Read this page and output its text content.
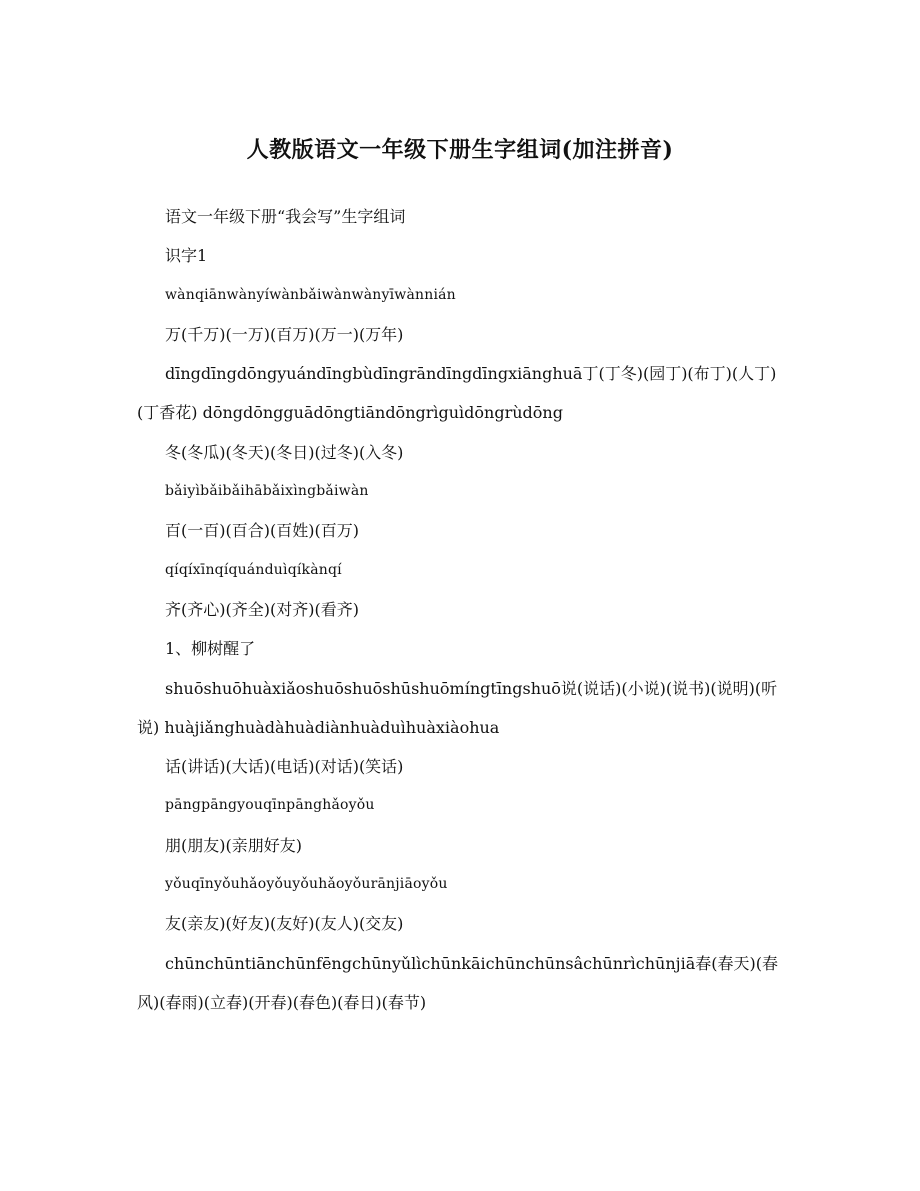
人教版语文一年级下册生字组词(加注拼音)

语文一年级下册“我会写”生字组词

识字1

wànqiānwànyíwànbǎiwànwànyīwànnián

万(千万)(一万)(百万)(万一)(万年)

dīngdīngdōngyuándīngbùdīngrāndīngdīngxiānghuā丁(丁冬)(园丁)(布丁)(人丁)(丁香花) dōngdōngguādōngtiāndōngrìguìdōngrùdōng

冬(冬瓜)(冬天)(冬日)(过冬)(入冬)

bǎiyìbǎibǎihābǎixìngbǎiwàn

百(一百)(百合)(百姓)(百万)

qíqíxīnqíquánduìqíkànqí

齐(齐心)(齐全)(对齐)(看齐)

1、柳树醒了

shuōshuōhuàxiǎoshuōshuōshūshuōmíngtīngshuō说(说话)(小说)(说书)(说明)(听说) huàjiǎnghuàdàhuàdiànhuàduìhuàxiàohua

话(讲话)(大话)(电话)(对话)(笑话)

pāngpāngyouqīnpānghǎoyǒu

朋(朋友)(亲朋好友)

yǒuqīnyǒuhǎoyǒuyǒuhǎoyǒurānjiāoyǒu

友(亲友)(好友)(友好)(友人)(交友)

chūnchūntiānchūnfēngchūnyǔlìchūnkāichūnchūnsâchūnrìchūnjiā春(春天)(春风)(春雨)(立春)(开春)(春色)(春日)(春节)
